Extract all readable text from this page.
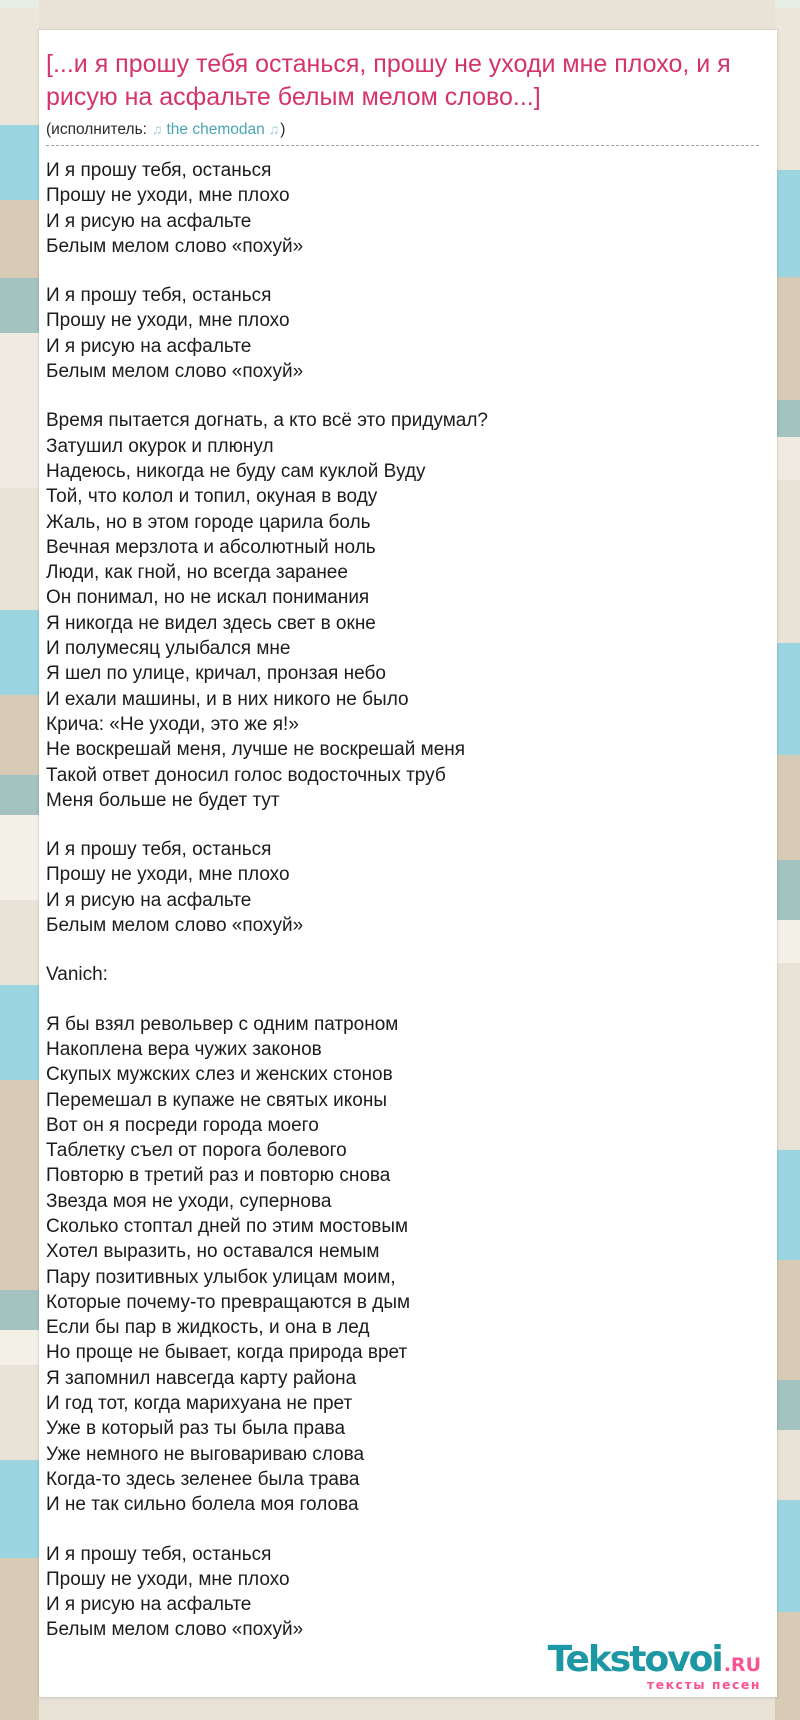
[...и я прошу тебя останься, прошу не уходи мне плохо, и я рисую на асфальте белым мелом слово...]
(исполнитель: ♫ the chemodan ♫)

И я прошу тебя, останься
Прошу не уходи, мне плохо
И я рисую на асфальте
Белым мелом слово «похуй»

И я прошу тебя, останься
Прошу не уходи, мне плохо
И я рисую на асфальте
Белым мелом слово «похуй»

Время пытается догнать, а кто всё это придумал?
Затушил окурок и плюнул
Надеюсь, никогда не буду сам куклой Вуду
Той, что колол и топил, окуная в воду
Жаль, но в этом городе царила боль
Вечная мерзлота и абсолютный ноль
Люди, как гной, но всегда заранее
Он понимал, но не искал понимания
Я никогда не видел здесь свет в окне
И полумесяц улыбался мне
Я шел по улице, кричал, пронзая небо
И ехали машины, и в них никого не было
Крича: «Не уходи, это же я!»
Не воскрешай меня, лучше не воскрешай меня
Такой ответ доносил голос водосточных труб
Меня больше не будет тут

И я прошу тебя, останься
Прошу не уходи, мне плохо
И я рисую на асфальте
Белым мелом слово «похуй»

Vanich:

Я бы взял револьвер с одним патроном
Накоплена вера чужих законов
Скупых мужских слез и женских стонов
Перемешал в купаже не святых иконы
Вот он я посреди города моего
Таблетку съел от порога болевого
Повторю в третий раз и повторю снова
Звезда моя не уходи, супернова
Сколько стоптал дней по этим мостовым
Хотел выразить, но оставался немым
Пару позитивных улыбок улицам моим,
Которые почему-то превращаются в дым
Если бы пар в жидкость, и она в лед
Но проще не бывает, когда природа врет
Я запомнил навсегда карту района
И год тот, когда марихуана не прет
Уже в который раз ты была права
Уже немного не выговариваю слова
Когда-то здесь зеленее была трава
И не так сильно болела моя голова

И я прошу тебя, останься
Прошу не уходи, мне плохо
И я рисую на асфальте
Белым мелом слово «похуй»

Tekstovoi .RU
тексты песен
